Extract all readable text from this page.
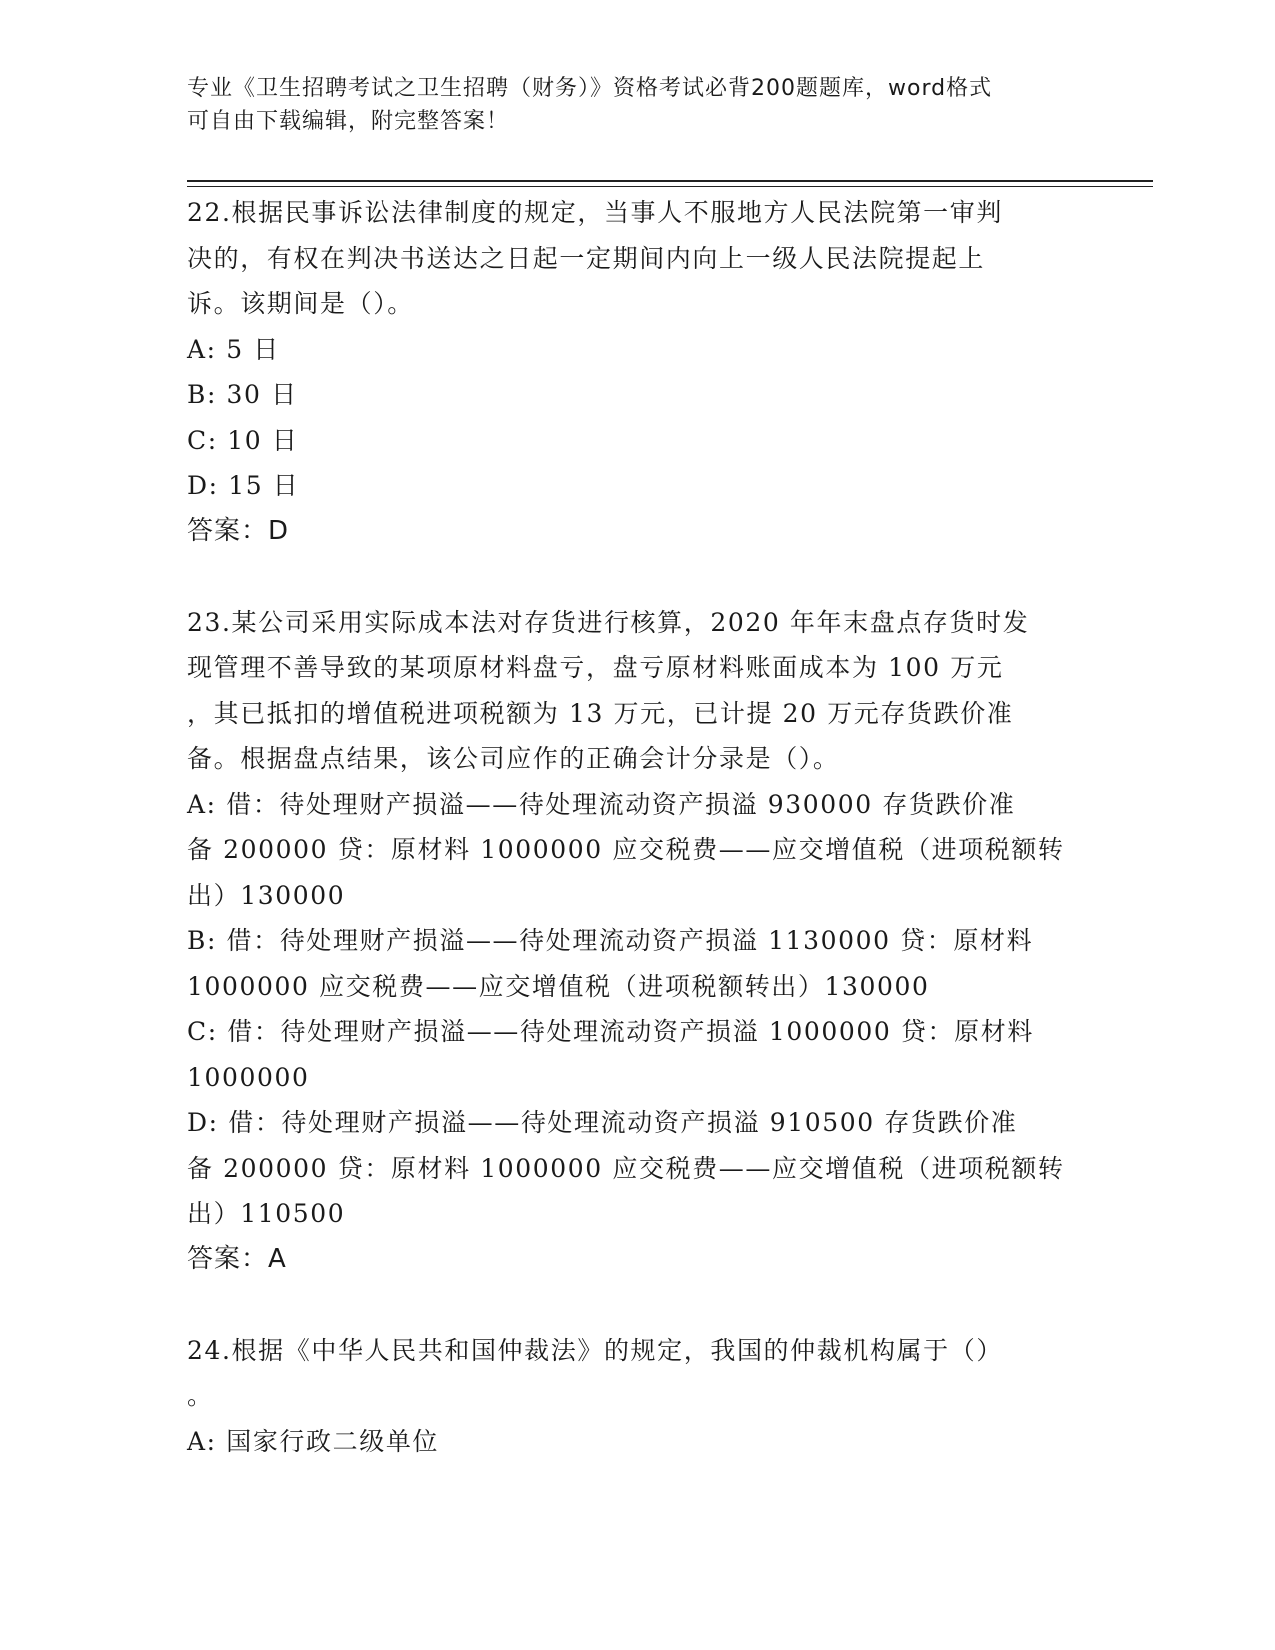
专业《卫生招聘考试之卫生招聘（财务）》资格考试必背200题题库，word格式
可自由下载编辑，附完整答案！

22.根据民事诉讼法律制度的规定，当事人不服地方人民法院第一审判

决的，有权在判决书送达之日起一定期间内向上一级人民法院提起上

诉。该期间是（）。

A: 5 日

B: 30 日

C: 10 日

D: 15 日

答案：D

23.某公司采用实际成本法对存货进行核算，2020 年年末盘点存货时发

现管理不善导致的某项原材料盘亏，盘亏原材料账面成本为 100 万元

，其已抵扣的增值税进项税额为 13 万元，已计提 20 万元存货跌价准

备。根据盘点结果，该公司应作的正确会计分录是（）。

A: 借：待处理财产损溢——待处理流动资产损溢 930000 存货跌价准

备 200000 贷：原材料 1000000 应交税费——应交增值税（进项税额转

出）130000

B: 借：待处理财产损溢——待处理流动资产损溢 1130000 贷：原材料

1000000 应交税费——应交增值税（进项税额转出）130000

C: 借：待处理财产损溢——待处理流动资产损溢 1000000 贷：原材料

1000000

D: 借：待处理财产损溢——待处理流动资产损溢 910500 存货跌价准

备 200000 贷：原材料 1000000 应交税费——应交增值税（进项税额转

出）110500

答案：A

24.根据《中华人民共和国仲裁法》的规定，我国的仲裁机构属于（）

。

A: 国家行政二级单位
